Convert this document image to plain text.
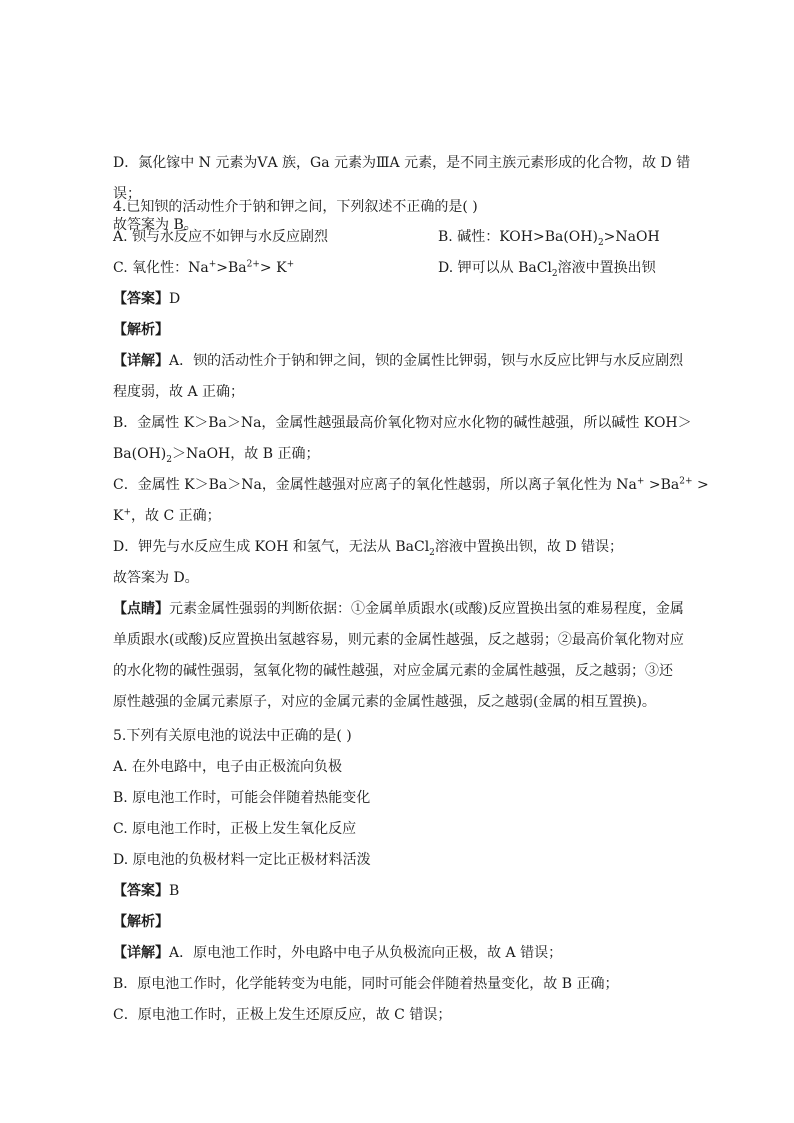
D．氮化镓中 N 元素为ⅤA 族，Ga 元素为ⅢA 元素，是不同主族元素形成的化合物，故 D 错
误；
故答案为 B。
4.已知钡的活动性介于钠和钾之间，下列叙述不正确的是( )
A. 钡与水反应不如钾与水反应剧烈	B. 碱性：$KOH>Ba(OH)_2>NaOH$
C. 氧化性：$Na^+>Ba^{2+}> K^+$	D. 钾可以从 BaCl$_2$溶液中置换出钡
【答案】D
【解析】
【详解】A．钡的活动性介于钠和钾之间，钡的金属性比钾弱，钡与水反应比钾与水反应剧烈
程度弱，故 A 正确；
B．金属性 K＞Ba＞Na，金属性越强最高价氧化物对应水化物的碱性越强，所以碱性 KOH＞
$Ba(OH)_2>NaOH$，故 B 正确；
C．金属性 K＞Ba＞Na，金属性越强对应离子的氧化性越弱，所以离子氧化性为 $Na^+ >Ba^{2+}$ >
K+，故 C 正确；
D．钾先与水反应生成 KOH 和氢气，无法从 BaCl$_2$溶液中置换出钡，故 D 错误；
故答案为 D。
【点睛】元素金属性强弱的判断依据：①金属单质跟水(或酸)反应置换出氢的难易程度，金属
单质跟水(或酸)反应置换出氢越容易，则元素的金属性越强，反之越弱；②最高价氧化物对应
的水化物的碱性强弱，氢氧化物的碱性越强，对应金属元素的金属性越强，反之越弱；③还
原性越强的金属元素原子，对应的金属元素的金属性越强，反之越弱(金属的相互置换)。
5.下列有关原电池的说法中正确的是( )
A. 在外电路中，电子由正极流向负极
B. 原电池工作时，可能会伴随着热能变化
C. 原电池工作时，正极上发生氧化反应
D. 原电池的负极材料一定比正极材料活泼
【答案】B
【解析】
【详解】A．原电池工作时，外电路中电子从负极流向正极，故 A 错误；
B．原电池工作时，化学能转变为电能，同时可能会伴随着热量变化，故 B 正确；
C．原电池工作时，正极上发生还原反应，故 C 错误；
